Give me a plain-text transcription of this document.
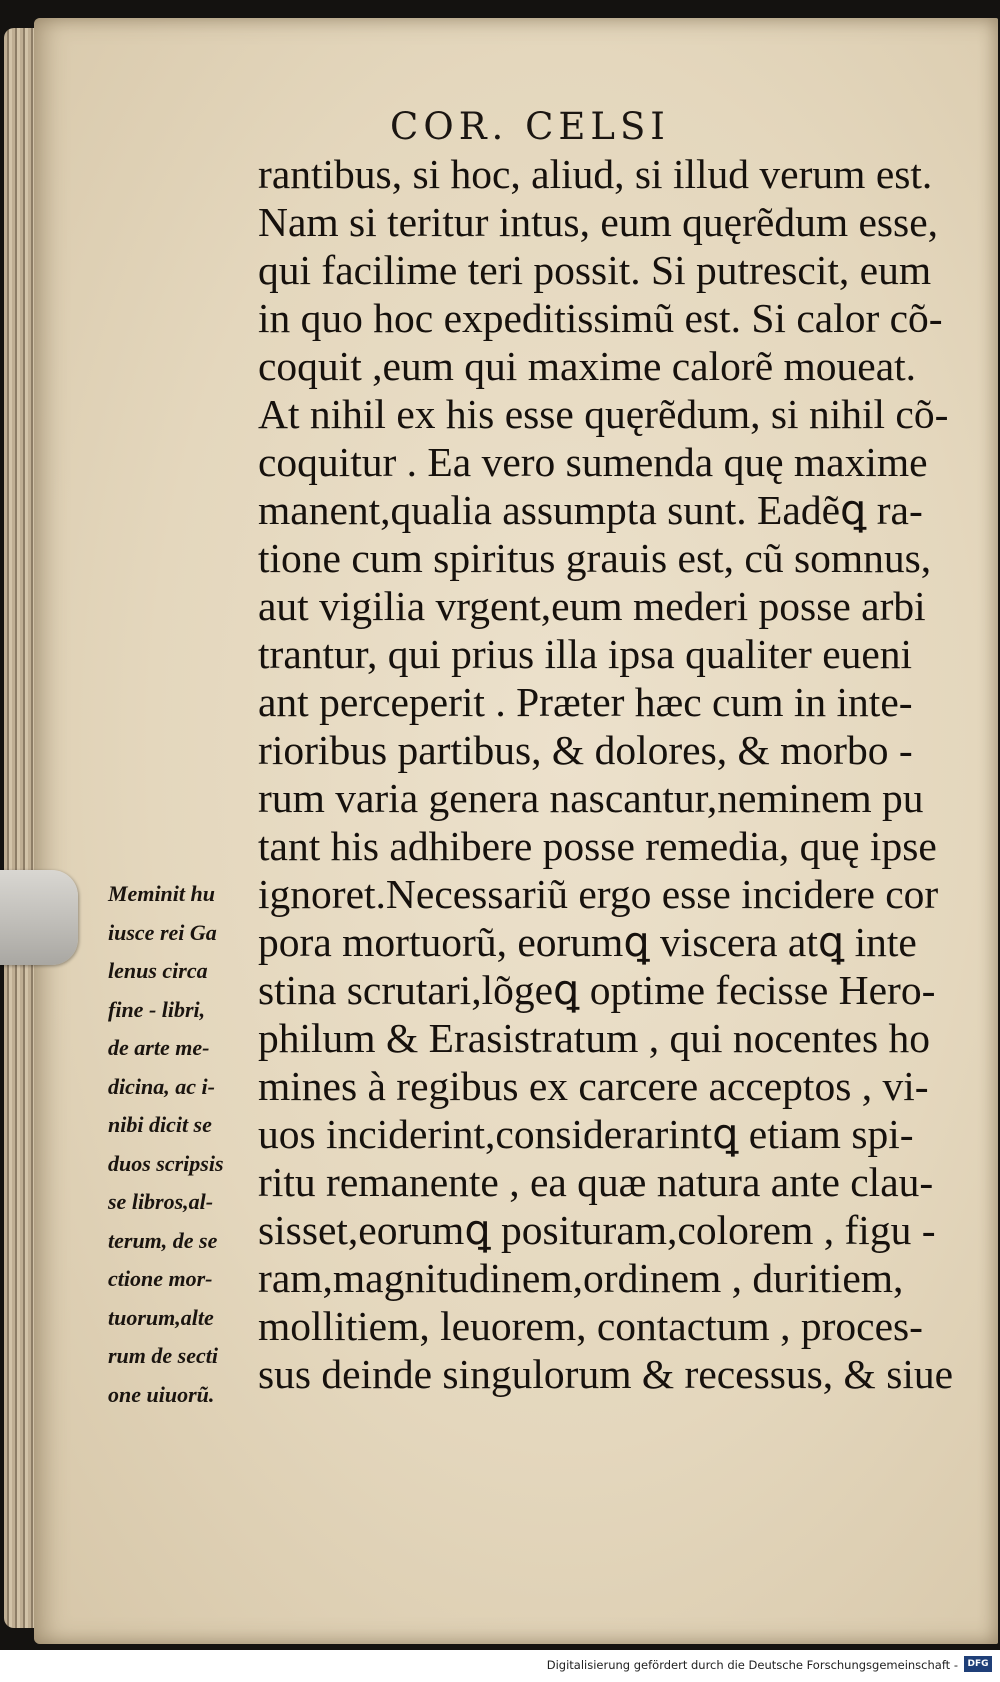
COR. CELSI
rantibus, si hoc, aliud, si illud verum est.
Nam si teritur intus, eum quęrẽdum esse,
qui facilime teri possit. Si putrescit, eum
in quo hoc expeditissimũ est. Si calor cõ-
coquit ,eum qui maxime calorẽ moueat.
At nihil ex his esse quęrẽdum, si nihil cõ-
coquitur . Ea vero sumenda quę maxime
manent,qualia assumpta sunt. Eadẽꝗ ra-
tione cum spiritus grauis est, cũ somnus,
aut vigilia vrgent,eum mederi posse arbi
trantur, qui prius illa ipsa qualiter eueni
ant perceperit . Præter hæc cum in inte-
rioribus partibus, & dolores, & morbo -
rum varia genera nascantur,neminem pu
tant his adhibere posse remedia, quę ipse
ignoret.Necessariũ ergo esse incidere cor
pora mortuorũ, eorumꝗ viscera atꝗ inte
stina scrutari,lõgeꝗ optime fecisse Hero-
philum & Erasistratum , qui nocentes ho
mines à regibus ex carcere acceptos , vi-
uos inciderint,considerarintꝗ etiam spi-
ritu remanente , ea quæ natura ante clau-
sisset,eorumꝗ posituram,colorem , figu -
ram,magnitudinem,ordinem , duritiem,
mollitiem, leuorem, contactum , proces-
sus deinde singulorum & recessus, & siue
Meminit hu
iusce rei Ga
lenus circa
fine - libri,
de arte me-
dicina, ac i-
nibi dicit se
duos scripsis
se libros,al-
terum, de se
ctione mor-
tuorum,alte
rum de secti
one uiuorũ.
Digitalisierung gefördert durch die Deutsche Forschungsgemeinschaft -	DFG
